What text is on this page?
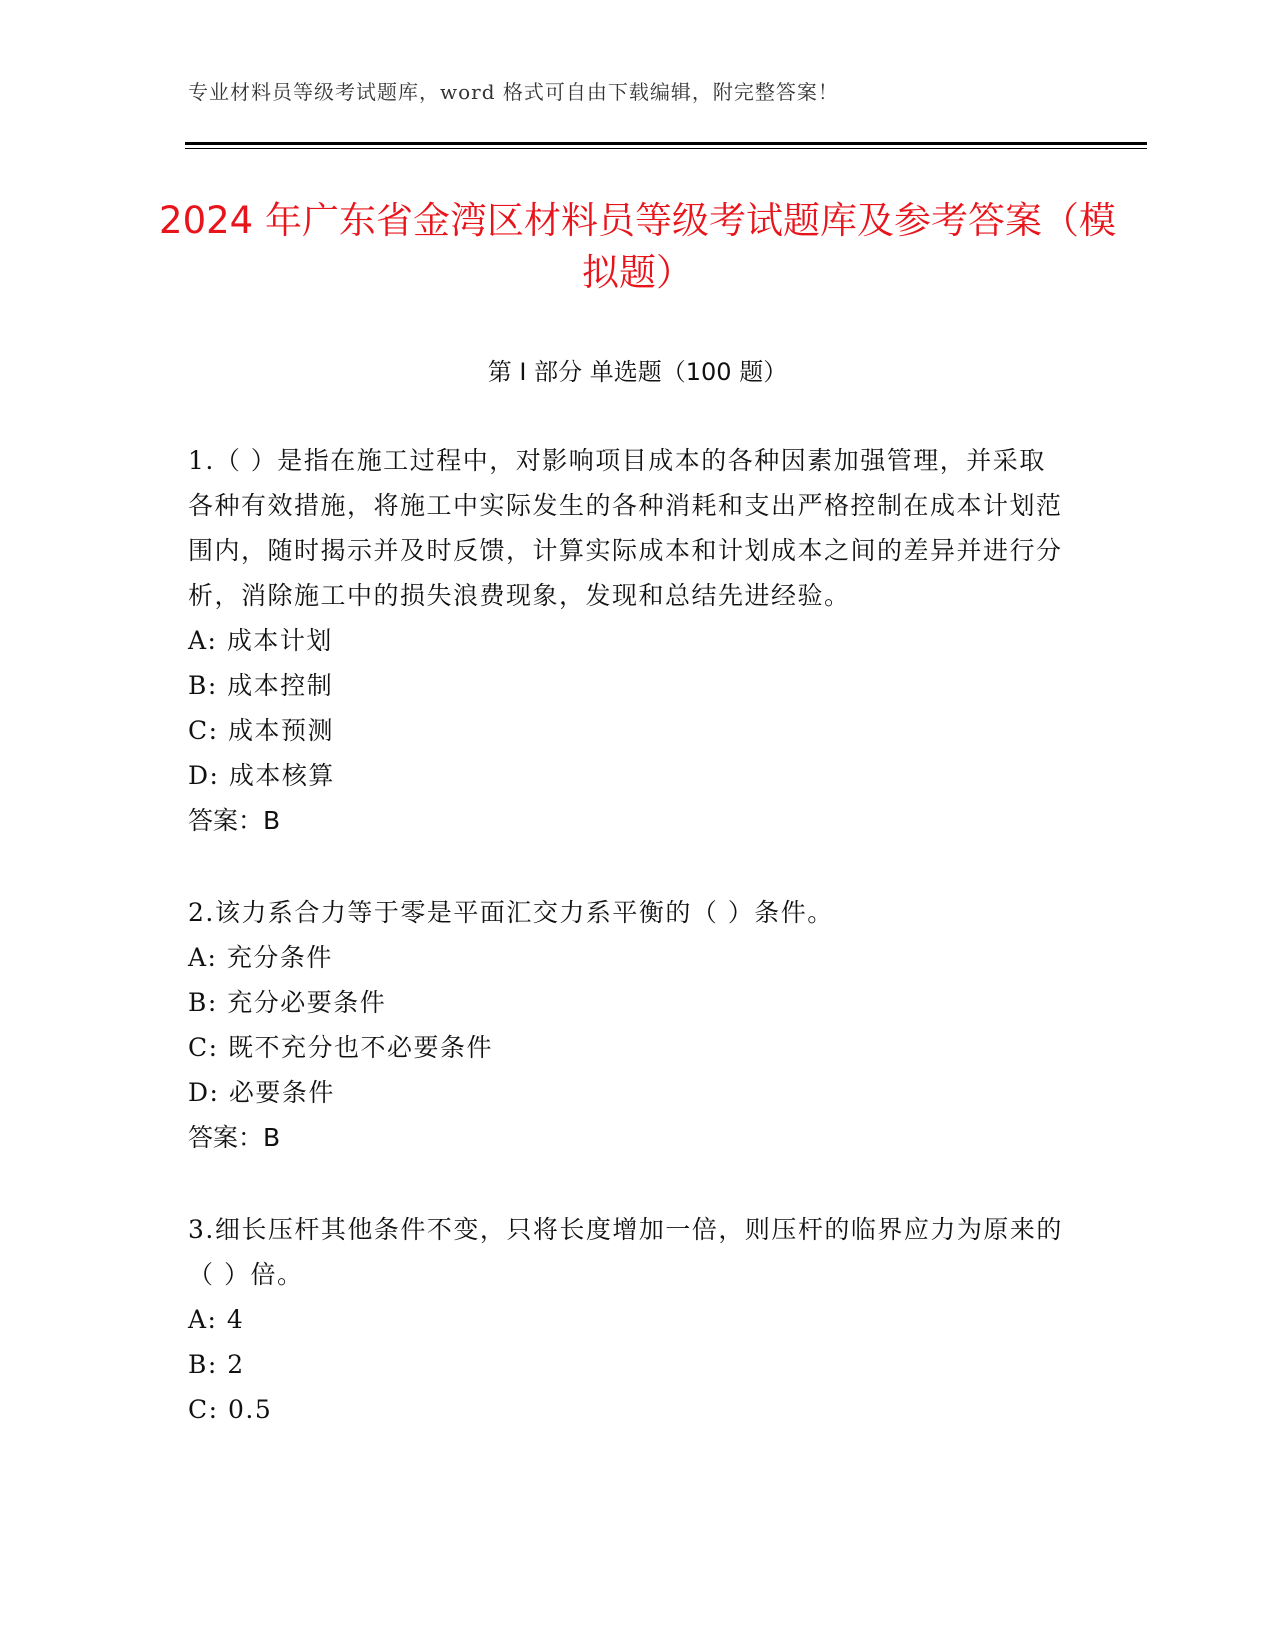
专业材料员等级考试题库，word 格式可自由下载编辑，附完整答案！
2024 年广东省金湾区材料员等级考试题库及参考答案（模拟题）
第 I 部分 单选题（100 题）

1.（ ）是指在施工过程中，对影响项目成本的各种因素加强管理，并采取各种有效措施，将施工中实际发生的各种消耗和支出严格控制在成本计划范围内，随时揭示并及时反馈，计算实际成本和计划成本之间的差异并进行分析，消除施工中的损失浪费现象，发现和总结先进经验。

A: 成本计划

B: 成本控制

C: 成本预测

D: 成本核算

答案：B

2.该力系合力等于零是平面汇交力系平衡的（ ）条件。

A: 充分条件

B: 充分必要条件

C: 既不充分也不必要条件

D: 必要条件

答案：B

3.细长压杆其他条件不变，只将长度增加一倍，则压杆的临界应力为原来的（ ）倍。

A: 4

B: 2

C: 0.5
